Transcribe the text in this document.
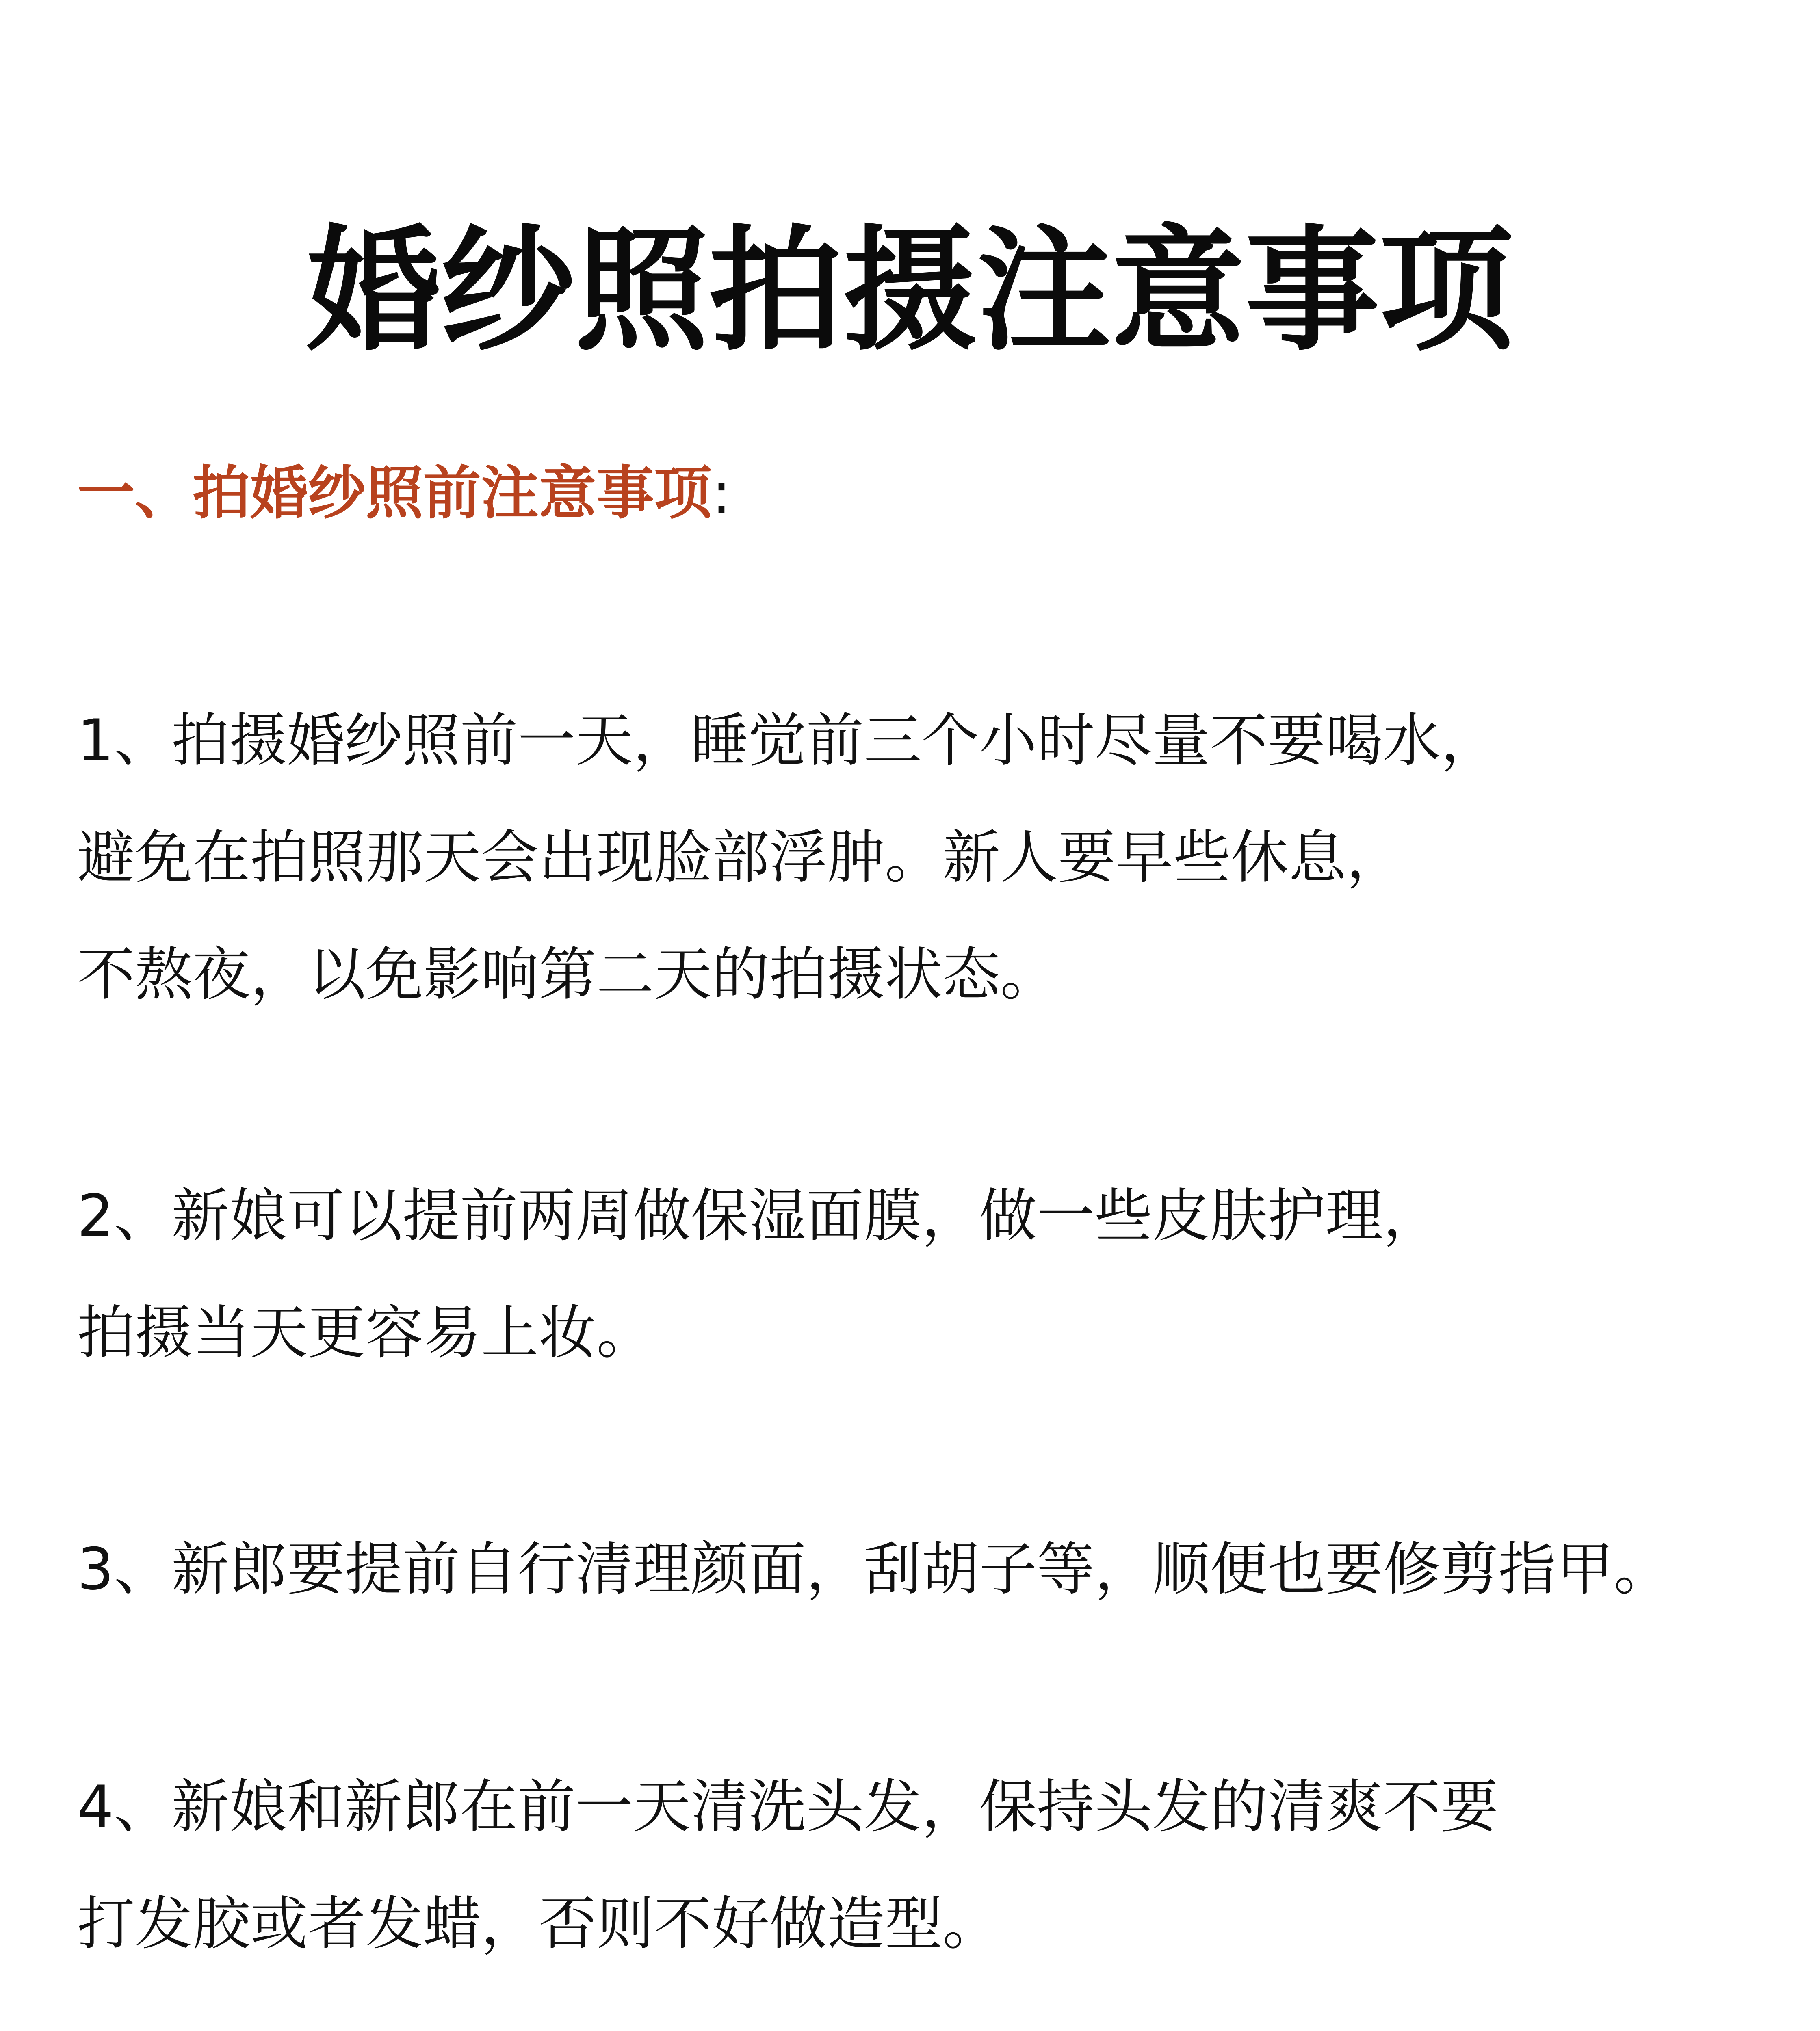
婚纱照拍摄注意事项
一、拍婚纱照前注意事项:
1、拍摄婚纱照前一天，睡觉前三个小时尽量不要喝水，
避免在拍照那天会出现脸部浮肿。新人要早些休息，
不熬夜，以免影响第二天的拍摄状态。
2、新娘可以提前两周做保湿面膜，做一些皮肤护理，
拍摄当天更容易上妆。
3、新郎要提前自行清理颜面，刮胡子等，顺便也要修剪指甲。
4、新娘和新郎在前一天清洗头发，保持头发的清爽不要
打发胶或者发蜡，否则不好做造型。
